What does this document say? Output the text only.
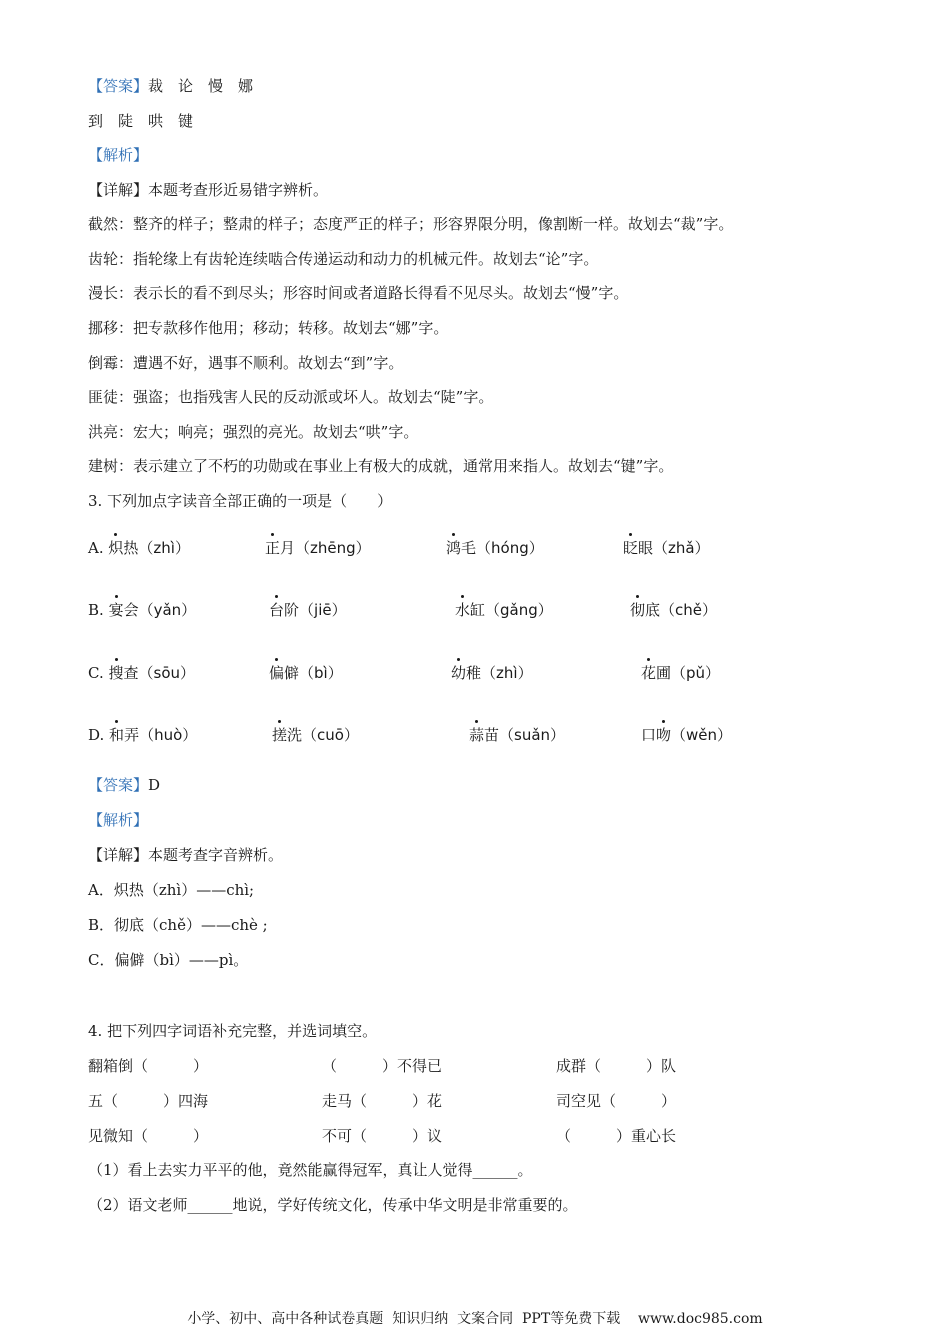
【答案】裁　论　慢　娜
到　陡　哄　键
【解析】
【详解】本题考查形近易错字辨析。
截然：整齐的样子；整肃的样子；态度严正的样子；形容界限分明，像割断一样。故划去“裁”字。
齿轮：指轮缘上有齿轮连续啮合传递运动和动力的机械元件。故划去“论”字。
漫长：表示长的看不到尽头；形容时间或者道路长得看不见尽头。故划去“慢”字。
挪移：把专款移作他用；移动；转移。故划去“娜”字。
倒霉：遭遇不好，遇事不顺利。故划去“到”字。
匪徒：强盗；也指残害人民的反动派或坏人。故划去“陡”字。
洪亮：宏大；响亮；强烈的亮光。故划去“哄”字。
建树：表示建立了不朽的功勋或在事业上有极大的成就，通常用来指人。故划去“键”字。
3. 下列加点字读音全部正确的一项是（　　）
A. 炽热（zhì）	正月（zhēng）	鸿毛（hóng）	眨眼（zhǎ）
B. 宴会（yǎn）	台阶（jiē）	水缸（gǎng）	彻底（chě）
C. 搜查（sōu）	偏僻（bì）	幼稚（zhì）	花圃（pǔ）
D. 和弄（huò）	搓洗（cuō）	蒜苗（suǎn）	口吻（wěn）
【答案】D
【解析】
【详解】本题考查字音辨析。
A．炽热（zhì）——chì;
B．彻底（chě）——chè ;
C．偏僻（bì）——pì。
4. 把下列四字词语补充完整，并选词填空。
翻箱倒（　　　）	（　　　）不得已	成群（　　　）队
五（　　　）四海	走马（　　　）花	司空见（　　　）
见微知（　　　）	不可（　　　）议	（　　　）重心长
（1）看上去实力平平的他，竟然能赢得冠军，真让人觉得______。
（2）语文老师______地说，学好传统文化，传承中华文明是非常重要的。
小学、初中、高中各种试卷真题  知识归纳  文案合同  PPT等免费下载    www.doc985.com
